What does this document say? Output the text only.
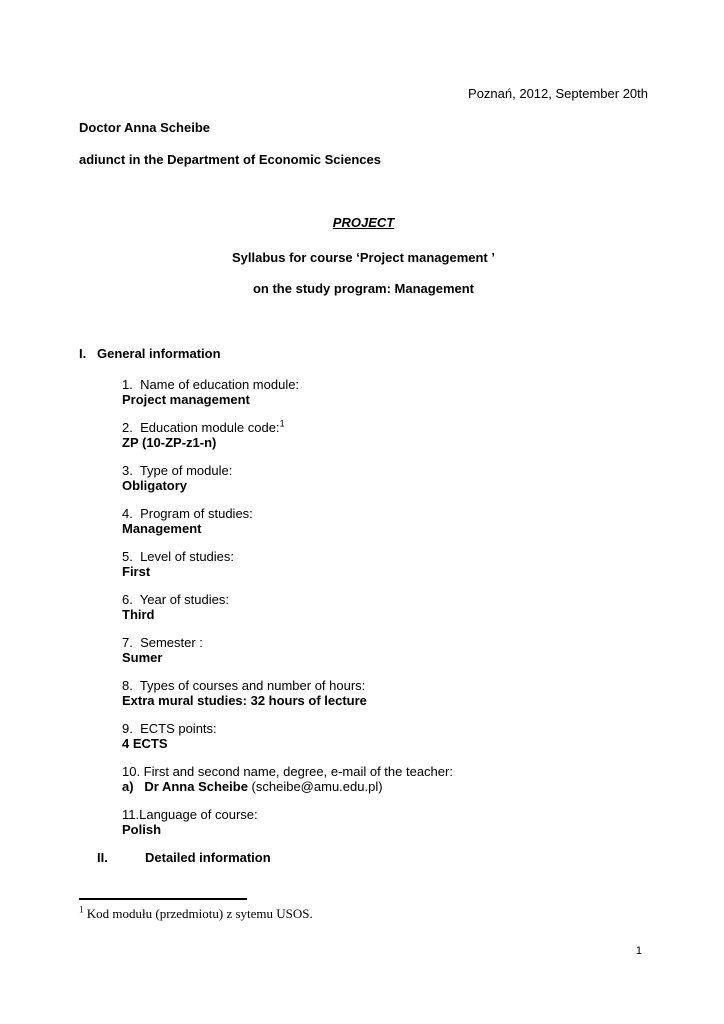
Poznań, 2012, September 20th
Doctor Anna Scheibe
adiunct in the Department of Economic Sciences
PROJECT
Syllabus for course ‘Project management ’
on the study program: Management
I. General information
1.  Name of education module:
Project management
2.  Education module code:$^1$
ZP (10-ZP-z1-n)
3.  Type of module:
Obligatory
4.  Program of studies:
Management
5.  Level of studies:
First
6.  Year of studies:
Third
7.  Semester :
Sumer
8.  Types of courses and number of hours:
Extra mural studies: 32 hours of lecture
9.  ECTS points:
4 ECTS
10. First and second name, degree, e-mail of the teacher:
a)   Dr Anna Scheibe (scheibe@amu.edu.pl)
11.Language of course:
Polish
II.	Detailed information
$^1$ Kod modułu (przedmiotu) z sytemu USOS.
1
